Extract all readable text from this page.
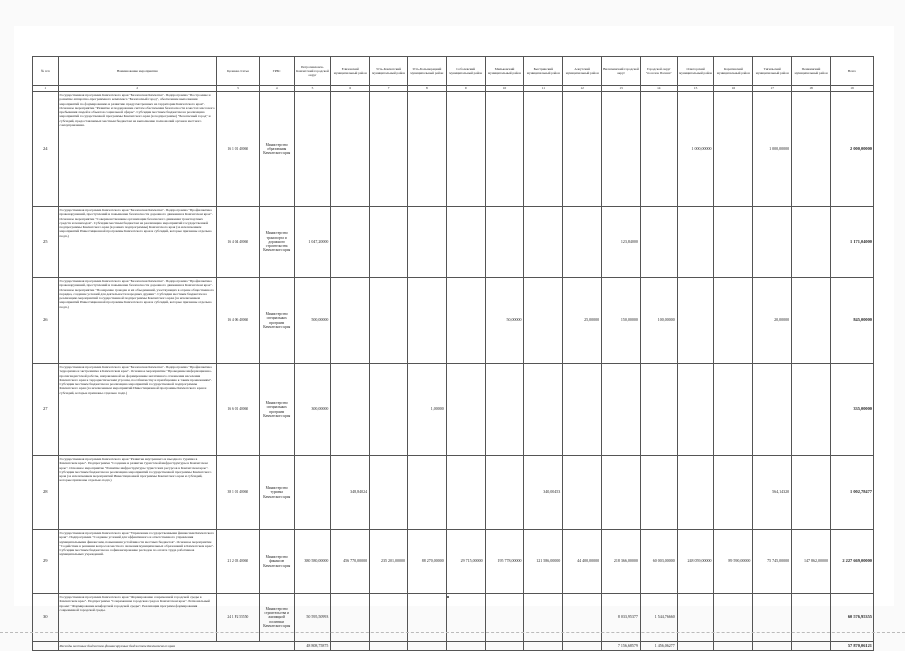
№ п/п	Наименование мероприятия	Целевая статья	ГРБС	Петропавловск-Камчатский городской округ	Елизовский муниципальный район	Усть-Камчатский муниципальный район	Усть-Большерецкий муниципальный район	Соболевский муниципальный район	Мильковский муниципальный район	Быстринский муниципальный район	Алеутский муниципальный район	Вилючинский городской округ	Городской округ "поселок Палана"	Олюторский муниципальный район	Карагинский муниципальный район	Тигильский муниципальный район	Пенжинский муниципальный район	Всего
1	2	3	4	5	6	7	8	9	10	11	12	13	14	15	16	17	18	19
24	Государственная программа Камчатского края "Безопасная Камчатка". Подпрограмма "Построение и развитие аппаратно-программного комплекса "Безопасный город", обеспечение выполнения мероприятий по формированию и развитию предусмотренных на территории Камчатского края". Основное мероприятие "Развитие и поддержание систем обеспечения безопасности в местах массового пребывания людей и объектов социальной сферы". Субсидии местным бюджетам на реализацию мероприятий государственной программы Камчатского края (в подпрограмме) "Безопасный город" и субсидий, предоставляемых местным бюджетам на выполнение полномочий органов местного самоуправления.	16 1 01 40060	Министерство образования Камчатского края											1 000,00000		1 000,00000		2 000,00000
25	Государственная программа Камчатского края "Безопасная Камчатка". Подпрограмма "Профилактика правонарушений, преступлений и повышение безопасности дорожного движения в Камчатском крае". Основное мероприятие "Совершенствование организации безопасного движения транспортных средств и пешеходов". Субсидии местным бюджетам на реализацию мероприятий государственной подпрограммы Камчатского края (в рамках подпрограммы) Камчатского края (за исключением мероприятий Инвестиционной программы Камчатского края и субсидий, которые признаны отдельно подп.)	16 4 04 40060	Министерство транспорта и дорожного строительства Камчатского края	1 047,20000								123,84000						1 171,04000
26	Государственная программа Камчатского края "Безопасная Камчатка". Подпрограмма "Профилактика правонарушений, преступлений и повышение безопасности дорожного движения в Камчатском крае". Основное мероприятие "Поощрение граждан и их объединений, участвующих в охране общественного порядка, создание условий для деятельности народных дружин". Субсидии местным бюджетам на реализацию мероприятий государственной подпрограммы Камчатского края (за исключением мероприятий Инвестиционной программы Камчатского края и субсидий, которые признаны отдельно подп.)	16 4 06 40060	Министерство специальных программ Камчатского края	500,00000					50,00000		25,00000	150,00000	100,00000			20,00000		845,00000
27	Государственная программа Камчатского края "Безопасная Камчатка". Подпрограмма "Профилактика терроризма и экстремизма в Камчатском крае". Основное мероприятие "Проведение информационно-пропагандистской работы, направленной на формирование негативного отношения населения Камчатского края к террористическим угрозам, пособничеству и приобщению к таким проявлениям". Субсидии местным бюджетам на реализацию мероприятий государственной подпрограммы Камчатского края (за исключением мероприятий Инвестиционной программы Камчатского края и субсидий, которые признаны отдельно подп.)	16 6 01 40060	Министерство специальных программ Камчатского края	300,00000			1,00000											335,00000
28	Государственная программа Камчатского края "Развитие внутреннего и въездного туризма в Камчатском крае". Подпрограмма "Создание и развитие туристской инфраструктуры в Камчатском крае". Основное мероприятие "Развитие инфраструктуры туристских ресурсов в Камчатском крае". Субсидии местным бюджетам на реализацию мероприятий государственной программы Камчатского края (за исключением мероприятий Инвестиционной программы Камчатского края и субсидий, которые признаны отдельно подп.)	38 1 01 40060	Министерство туризма Камчатского края		348,84024					340,00453						564,14320		1 002,78477
29	Государственная программа Камчатского края "Управление государственными финансами Камчатского края". Подпрограмма "Создание условий для эффективного и ответственного управления муниципальными финансами, повышения устойчивости местных бюджетов". Основное мероприятие "Содействие в решении вопросов местного значения муниципальных образований в Камчатском крае". Субсидии местным бюджетам на софинансирование расходов по оплате труда работников муниципальных учреждений.	21 2 03 40060	Министерство финансов Камчатского края	380 580,00000	456 770,00000	235 201,00000	88 270,00000	29 715,00000	195 778,00000	121 586,00000	44 400,00000	218 366,00000	60 003,00000	248 059,00000	89 590,00000	75 745,00000	147 862,00000	2 227 669,00000
30	Государственная программа Камчатского края "Формирование современной городской среды в Камчатском крае". Подпрограмма "Современная городская среда в Камчатском крае". Региональный проект "Формирование комфортной городской среды". Реализация программ формирования современной городской среды.	24 1 F2 55550	Министерство строительства и жилищной политики Камчатского края	50 595,50993								8 033,95377	1 544,76660					60 576,95355
	Расходы местных бюджетов финансируемые бюджетом Камчатского края			48 808,75875								7 156,68579	1 456,06277					57 870,06121
